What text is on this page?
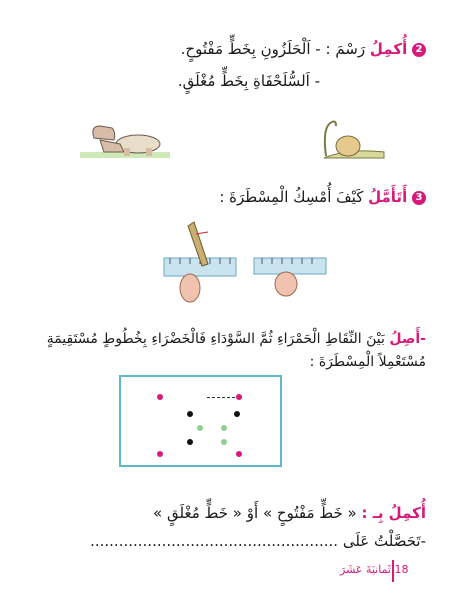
2 أُكمِلُ رَسْمَ : - اَلْحَلَزُونِ بِخَطٍّ مَفْتُوحٍ.
- اَلسُّلَحْفَاةِ بِخَطٍّ مُغْلَقٍ.
3 أَتَأَمَّلُ كَيْفَ أُمْسِكُ الْمِسْطَرَةَ :
-أَصِلُ بَيْنَ النِّقَاطِ الْحَمْرَاءِ ثُمَّ السَّوْدَاءِ فَالْخَضْرَاءِ بِخُطُوطٍ مُسْتَقِيمَةٍ
مُسْتَعْمِلاً الْمِسْطَرَةَ :
أُكمِلُ بِـ : « خَطٍّ مَفْتُوحٍ » أَوْ « خَطٍّ مُغْلَقٍ »
-تَحَصَّلْتُ عَلَى ....................................................
18 ثَمانيَةَ عَشَرَ
